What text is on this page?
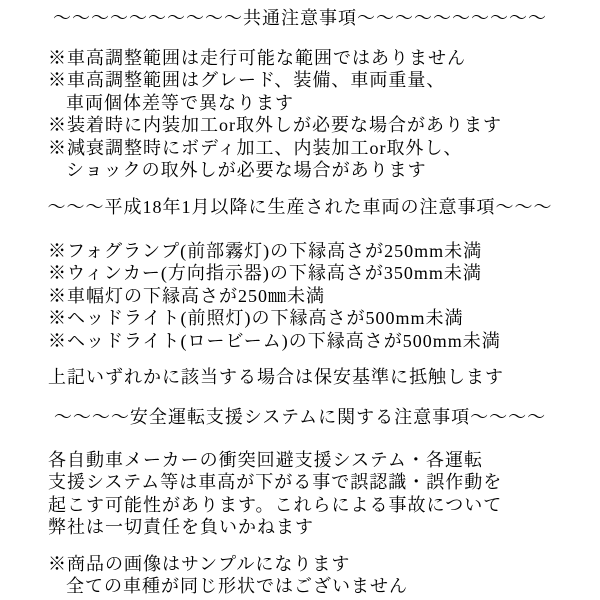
～～～～～～～～～～共通注意事項～～～～～～～～～～
※車高調整範囲は走行可能な範囲ではありません
※車高調整範囲はグレード、装備、車両重量、
車両個体差等で異なります
※装着時に内装加工or取外しが必要な場合があります
※減衰調整時にボディ加工、内装加工or取外し、
ショックの取外しが必要な場合があります
～～～平成18年1月以降に生産された車両の注意事項～～～
※フォグランプ(前部霧灯)の下縁高さが250mm未満
※ウィンカー(方向指示器)の下縁高さが350mm未満
※車幅灯の下縁高さが250㎜未満
※ヘッドライト(前照灯)の下縁高さが500mm未満
※ヘッドライト(ロービーム)の下縁高さが500mm未満
上記いずれかに該当する場合は保安基準に抵触します
～～～～安全運転支援システムに関する注意事項～～～～
各自動車メーカーの衝突回避支援システム・各運転
支援システム等は車高が下がる事で誤認識・誤作動を
起こす可能性があります。これらによる事故について
弊社は一切責任を負いかねます
※商品の画像はサンプルになります
全ての車種が同じ形状ではございません
